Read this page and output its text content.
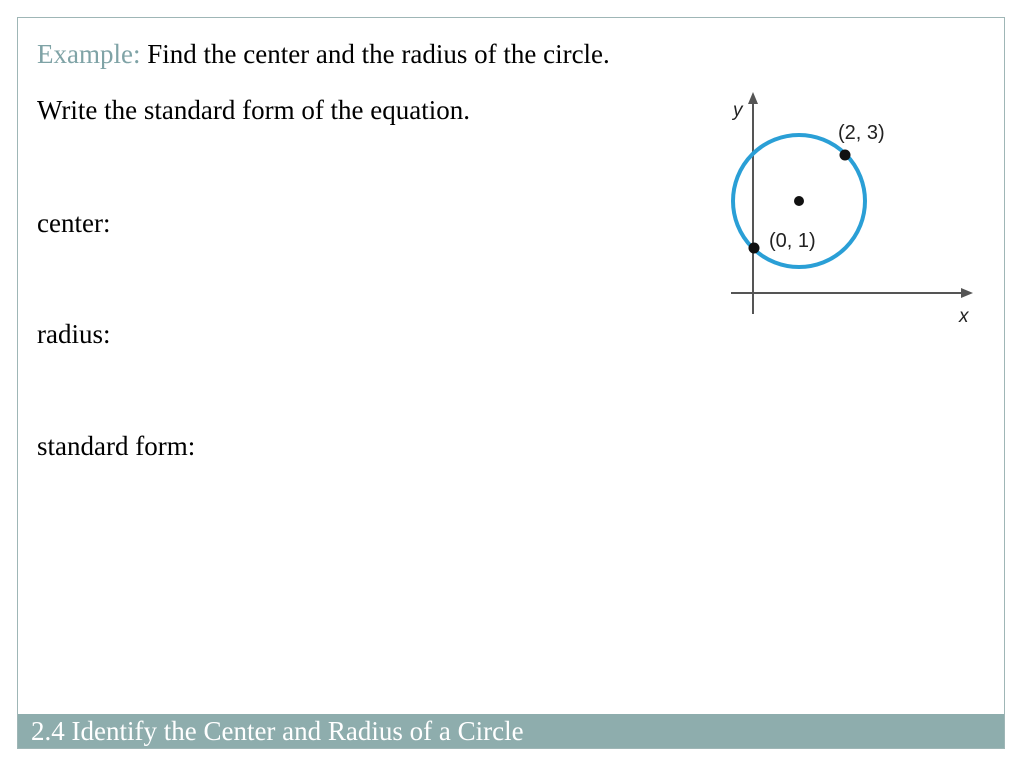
Example: Find the center and the radius of the circle.
Write the standard form of the equation.
center:
radius:
standard form:
y
x
(2, 3)
(0, 1)
2.4 Identify the Center and Radius of a Circle
